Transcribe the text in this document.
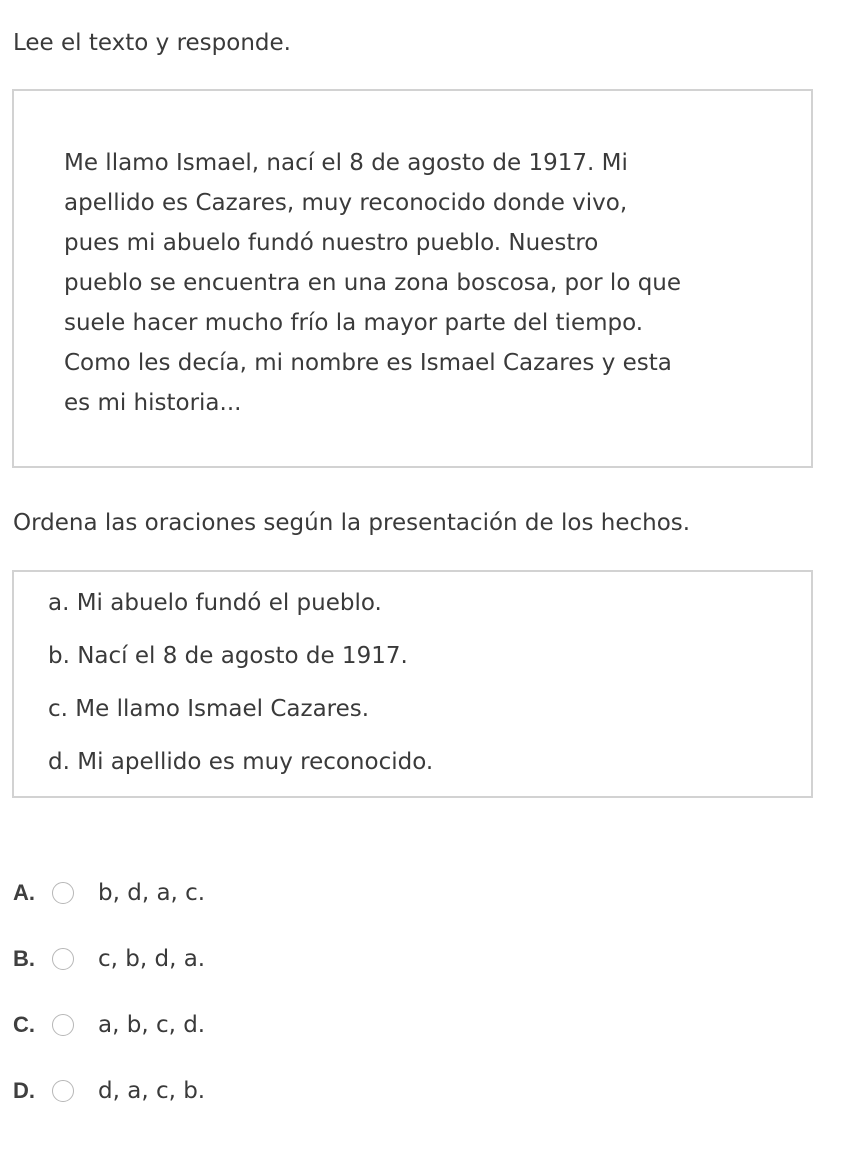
Lee el texto y responde.
Me llamo Ismael, nací el 8 de agosto de 1917. Mi
apellido es Cazares, muy reconocido donde vivo,
pues mi abuelo fundó nuestro pueblo. Nuestro
pueblo se encuentra en una zona boscosa, por lo que
suele hacer mucho frío la mayor parte del tiempo.
Como les decía, mi nombre es Ismael Cazares y esta
es mi historia...
Ordena las oraciones según la presentación de los hechos.
a. Mi abuelo fundó el pueblo.
b. Nací el 8 de agosto de 1917.
c. Me llamo Ismael Cazares.
d. Mi apellido es muy reconocido.
A.	b, d, a, c.
B.	c, b, d, a.
C.	a, b, c, d.
D.	d, a, c, b.
